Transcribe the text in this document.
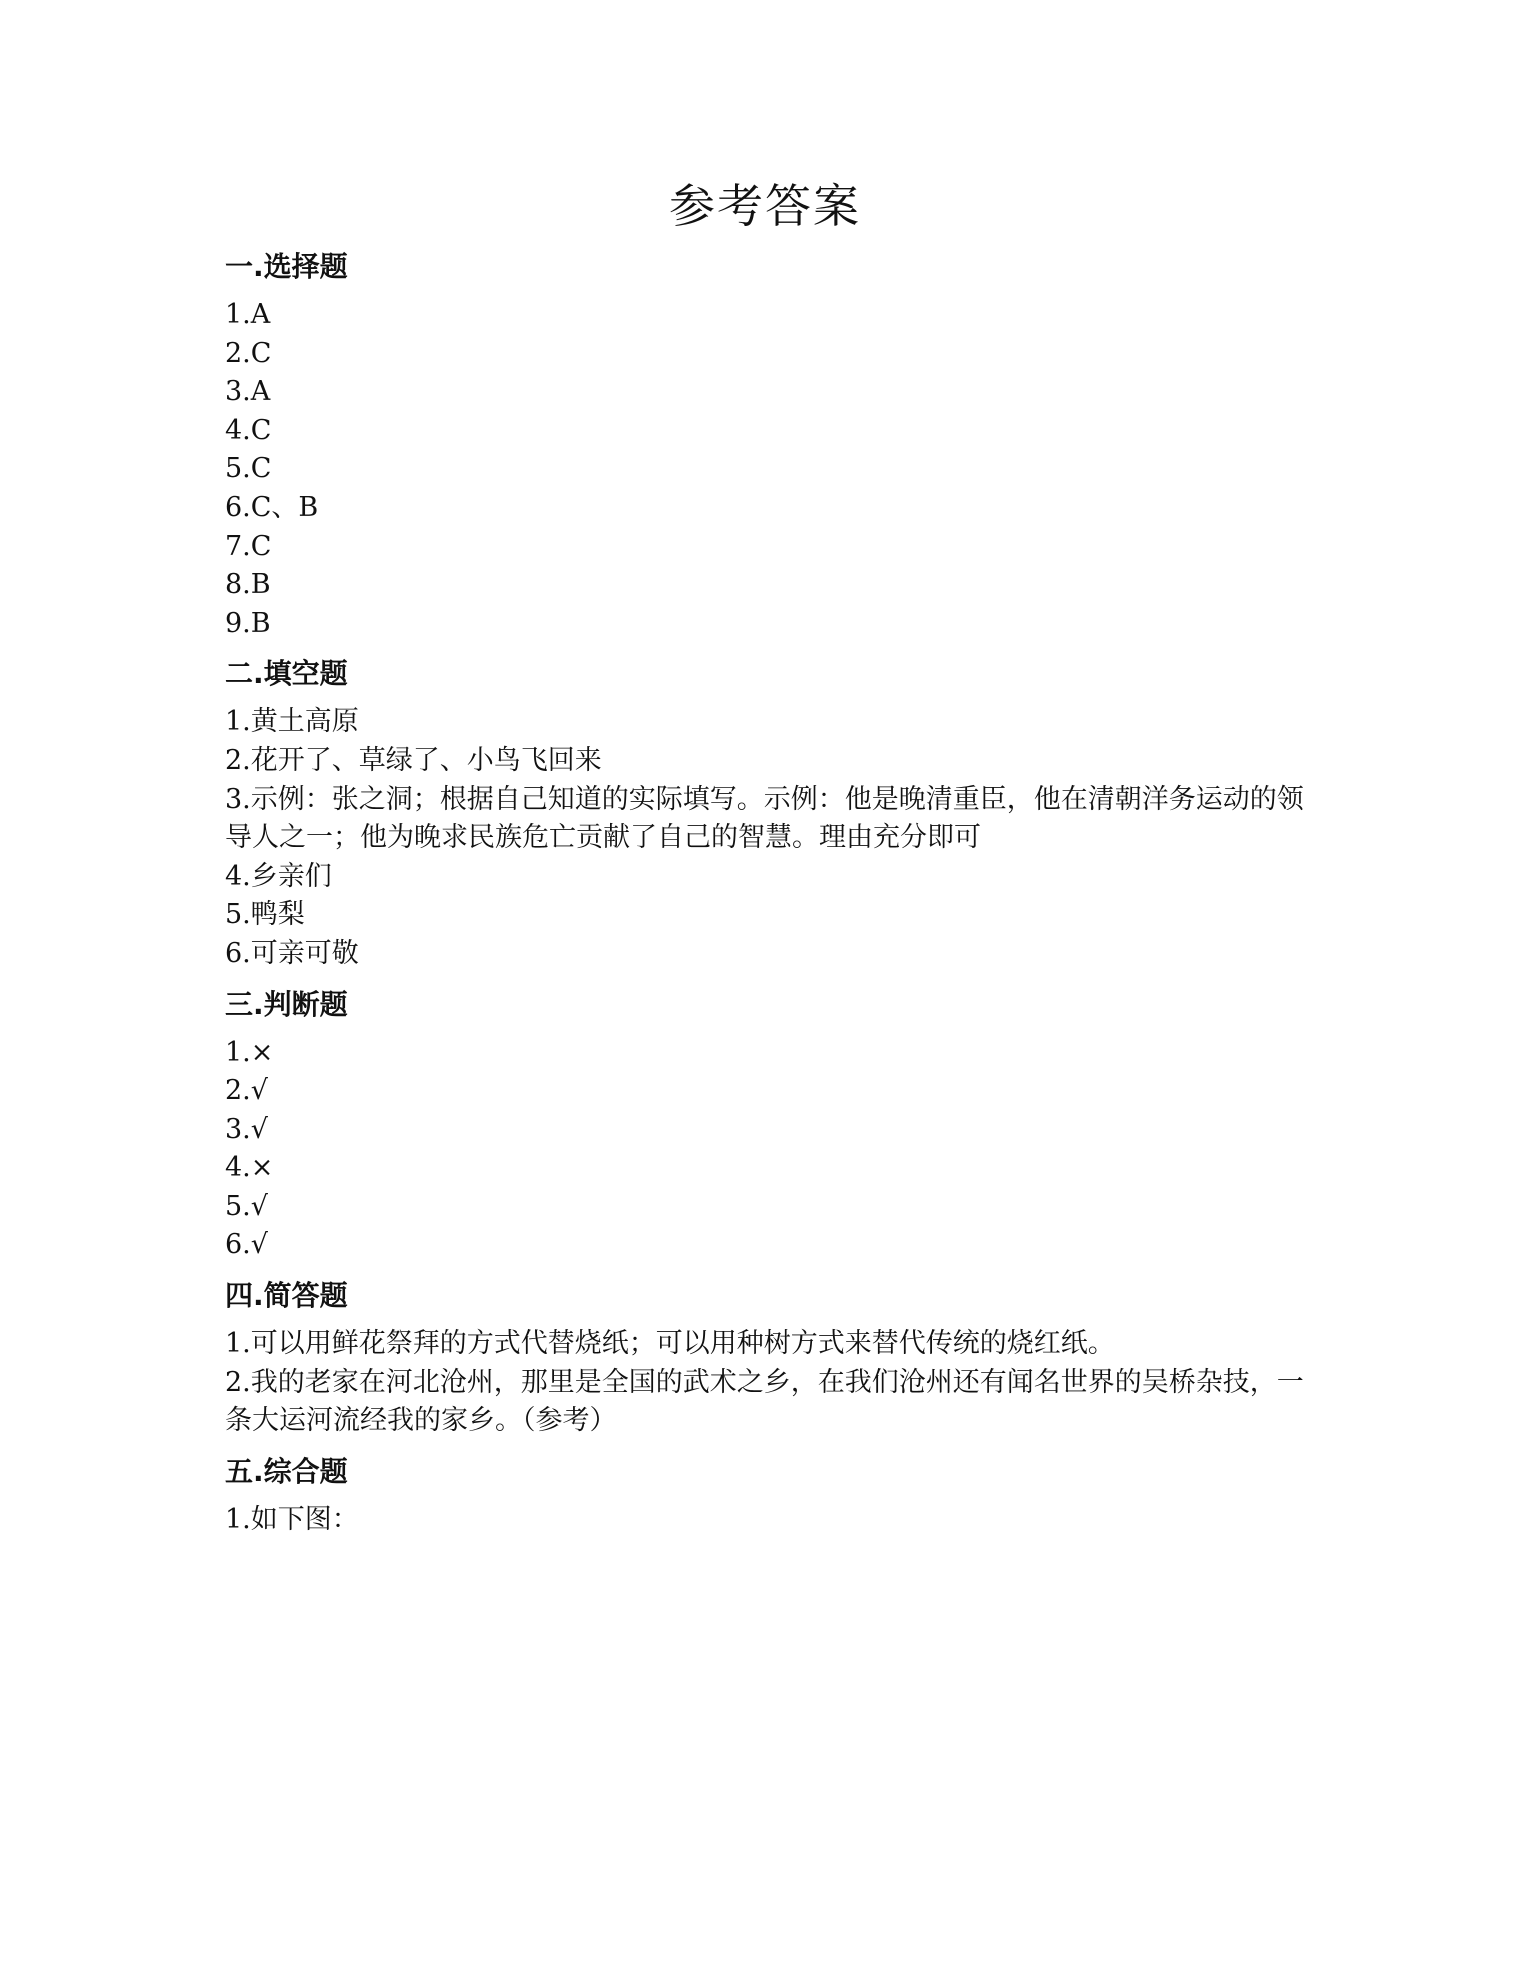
参考答案
一.选择题

1.A

2.C

3.A

4.C

5.C

6.C、B

7.C

8.B

9.B

二.填空题

1.黄土高原

2.花开了、草绿了、小鸟飞回来

3.示例：张之洞；根据自己知道的实际填写。示例：他是晚清重臣，他在清朝洋务运动的领导人之一；他为晚求民族危亡贡献了自己的智慧。理由充分即可

4.乡亲们

5.鸭梨

6.可亲可敬

三.判断题

1.×

2.√

3.√

4.×

5.√

6.√

四.简答题

1.可以用鲜花祭拜的方式代替烧纸；可以用种树方式来替代传统的烧红纸。

2.我的老家在河北沧州，那里是全国的武术之乡，在我们沧州还有闻名世界的吴桥杂技，一条大运河流经我的家乡。（参考）

五.综合题

1.如下图：
